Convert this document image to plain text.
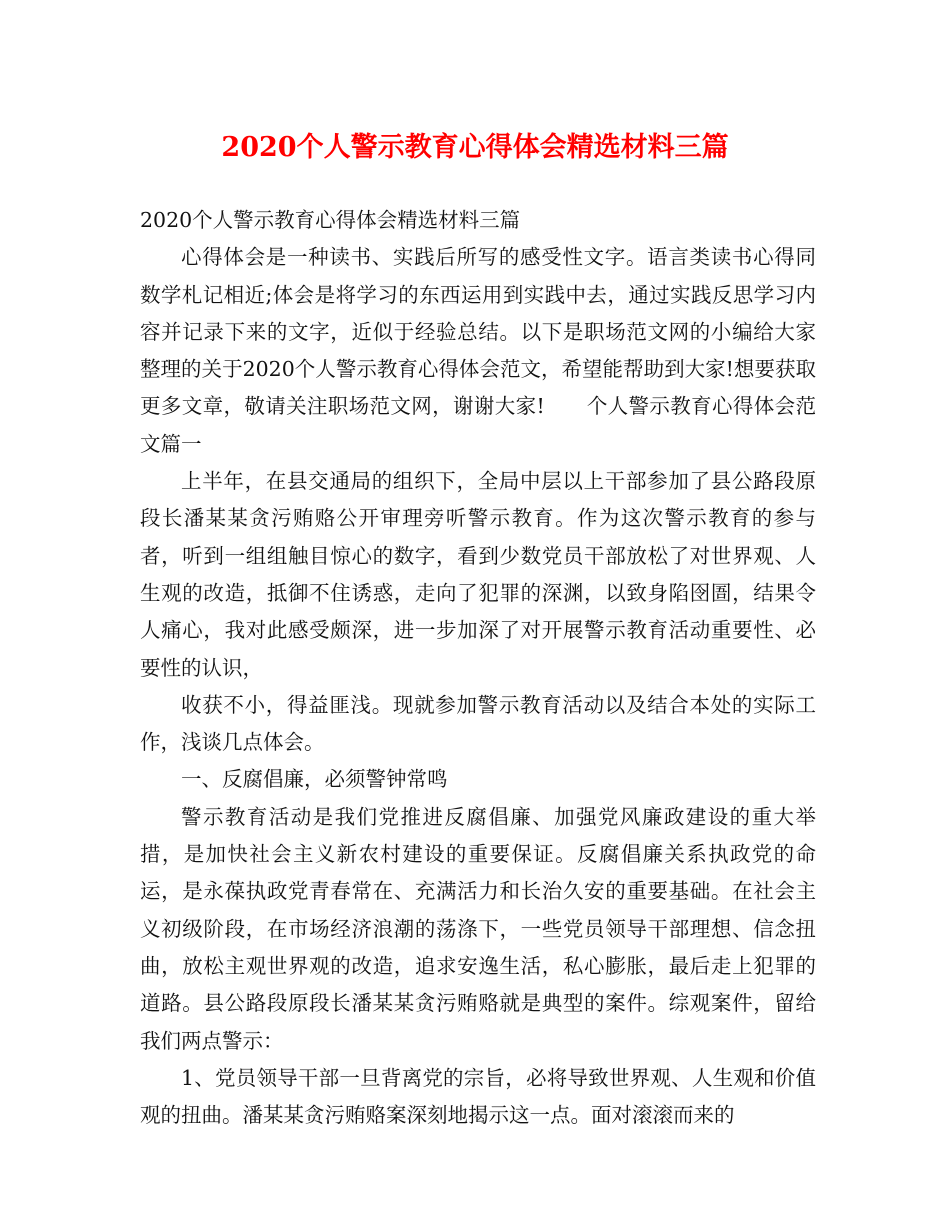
2020个人警示教育心得体会精选材料三篇

2020个人警示教育心得体会精选材料三篇

心得体会是一种读书、实践后所写的感受性文字。语言类读书心得同数学札记相近;体会是将学习的东西运用到实践中去，通过实践反思学习内容并记录下来的文字，近似于经验总结。以下是职场范文网的小编给大家整理的关于2020个人警示教育心得体会范文，希望能帮助到大家!想要获取更多文章，敬请关注职场范文网，谢谢大家!　　个人警示教育心得体会范文篇一

上半年，在县交通局的组织下，全局中层以上干部参加了县公路段原段长潘某某贪污贿赂公开审理旁听警示教育。作为这次警示教育的参与者，听到一组组触目惊心的数字，看到少数党员干部放松了对世界观、人生观的改造，抵御不住诱惑，走向了犯罪的深渊，以致身陷囹圄，结果令人痛心，我对此感受颇深，进一步加深了对开展警示教育活动重要性、必要性的认识，

收获不小，得益匪浅。现就参加警示教育活动以及结合本处的实际工作，浅谈几点体会。

一、反腐倡廉，必须警钟常鸣

警示教育活动是我们党推进反腐倡廉、加强党风廉政建设的重大举措，是加快社会主义新农村建设的重要保证。反腐倡廉关系执政党的命运，是永葆执政党青春常在、充满活力和长治久安的重要基础。在社会主义初级阶段，在市场经济浪潮的荡涤下，一些党员领导干部理想、信念扭曲，放松主观世界观的改造，追求安逸生活，私心膨胀，最后走上犯罪的道路。县公路段原段长潘某某贪污贿赂就是典型的案件。综观案件，留给我们两点警示：

1、党员领导干部一旦背离党的宗旨，必将导致世界观、人生观和价值观的扭曲。潘某某贪污贿赂案深刻地揭示这一点。面对滚滚而来的
